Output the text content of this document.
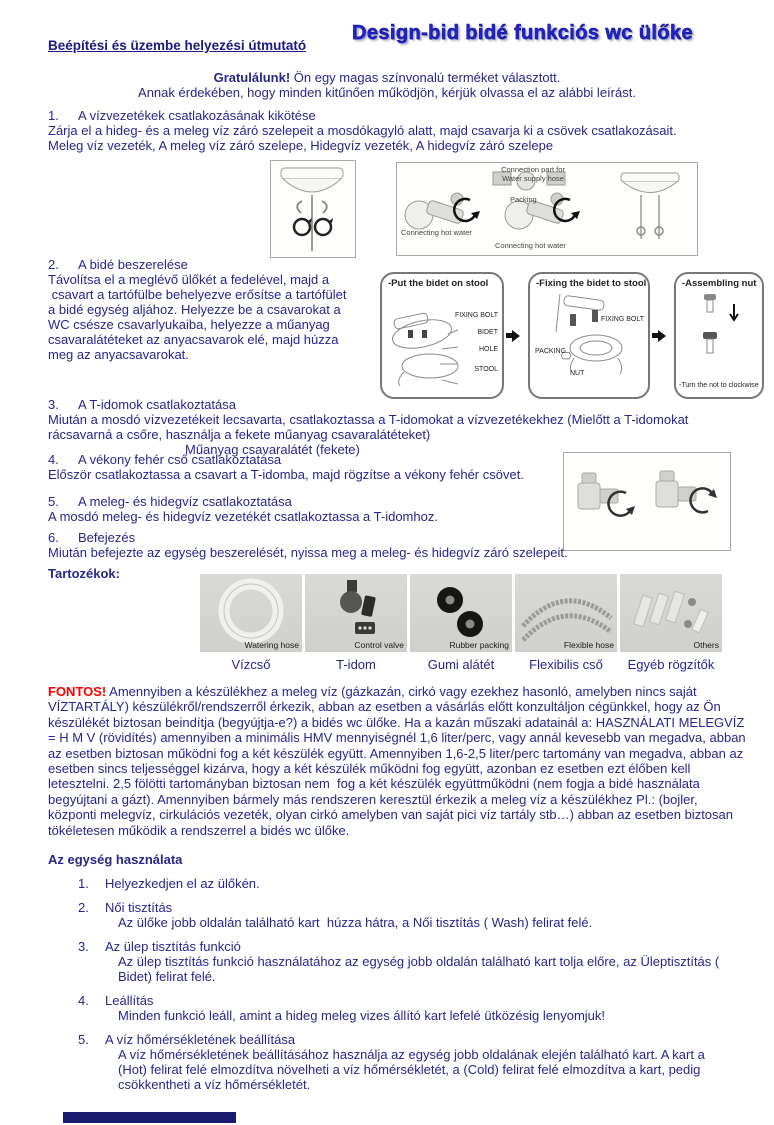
Beépítési és üzembe helyezési útmutató
Design-bid bidé funkciós wc ülőke
Gratulálunk! Ön egy magas színvonalú terméket választott.
Annak érdekében, hogy minden kitűnően működjön, kérjük olvassa el az alábbi leírást.
1.	A vízvezetékek csatlakozásának kikötése
Zárja el a hideg- és a meleg víz záró szelepeit a mosdókagyló alatt, majd csavarja ki a csövek csatlakozásait.
Meleg víz vezeték, A meleg víz záró szelepe, Hidegvíz vezeték, A hidegvíz záró szelepe
Connection part for
Water supply hose
Packing
Connecting hot water
Connecting hot water
2.	A bidé beszerelése
Távolítsa el a meglévő ülőkét a fedelével, majd a
csavart a tartófülbe behelyezve erősítse a tartófület
a bidé egység aljához. Helyezze be a csavarokat a
WC csésze csavarlyukaiba, helyezze a műanyag
csavaralátéteket az anyacsavarok elé, majd húzza
meg az anyacsavarokat.
-Put the bidet on stool
FIXING BOLT
BIDET
HOLE
STOOL
-Fixing the bidet to stool
FIXING BOLT
PACKING
NUT
-Assembling nut
-Turn the not to clockwise
3.	A T-idomok csatlakoztatása
Miután a mosdó vízvezetékeit lecsavarta, csatlakoztassa a T-idomokat a vízvezetékekhez (Mielőtt a T-idomokat rácsavarná a csőre, használja a fekete műanyag csavaralátéteket)
Műanyag csavaralátét (fekete)
4.	A vékony fehér cső csatlakoztatása
Először csatlakoztassa a csavart a T-idomba, majd rögzítse a vékony fehér csövet.
5.	A meleg- és hidegvíz csatlakoztatása
A mosdó meleg- és hidegvíz vezetékét csatlakoztassa a T-idomhoz.
6.	Befejezés
Miután befejezte az egység beszerelését, nyissa meg a meleg- és hidegvíz záró szelepeit.
Tartozékok:
Watering hose
Vízcső
Control valve
T-idom
Rubber packing
Gumi alátét
Flexible hose
Flexibilis cső
Others
Egyéb rögzítők
FONTOS! Amennyiben a készülékhez a meleg víz (gázkazán, cirkó vagy ezekhez hasonló, amelyben nincs saját VÍZTARTÁLY) készülékről/rendszerről érkezik, abban az esetben a vásárlás előtt konzultáljon cégünkkel, hogy az Ön készülékét biztosan beindítja (begyújtja-e?) a bidés wc ülőke. Ha a kazán műszaki adatainál a: HASZNÁLATI MELEGVÍZ = H M V (rövidítés) amennyiben a minimális HMV mennyiségnél 1,6 liter/perc, vagy annál kevesebb van megadva, abban az esetben biztosan működni fog a két készülék együtt. Amennyiben 1,6-2,5 liter/perc tartomány van megadva, abban az esetben sincs teljességgel kizárva, hogy a két készülék működni fog együtt, azonban ez esetben ezt élőben kell letesztelni. 2,5 fölötti tartományban biztosan nem  fog a két készülék együttműködni (nem fogja a bidé használata begyújtani a gázt). Amennyiben bármely más rendszeren keresztül érkezik a meleg víz a készülékhez Pl.: (bojler, központi melegvíz, cirkulációs vezeték, olyan cirkó amelyben van saját pici víz tartály stb…) abban az esetben biztosan tökéletesen működik a rendszerrel a bidés wc ülőke.
Az egység használata
1.	Helyezkedjen el az ülőkén.
2.	Női tisztítás
Az ülőke jobb oldalán található kart  húzza hátra, a Női tisztítás ( Wash) felirat felé.
3.	Az ülep tisztítás funkció
Az ülep tisztítás funkció használatához az egység jobb oldalán található kart tolja előre, az Üleptisztítás ( Bidet) felirat felé.
4.	Leállítás
Minden funkció leáll, amint a hideg meleg vizes állító kart lefelé ütközésig lenyomjuk!
5.	A víz hőmérsékletének beállítása
A víz hőmérsékletének beállításához használja az egység jobb oldalának elején található kart. A kart a  (Hot) felirat felé elmozdítva növelheti a víz hőmérsékletét, a (Cold) felirat felé elmozdítva a kart, pedig csökkentheti a víz hőmérsékletét.
